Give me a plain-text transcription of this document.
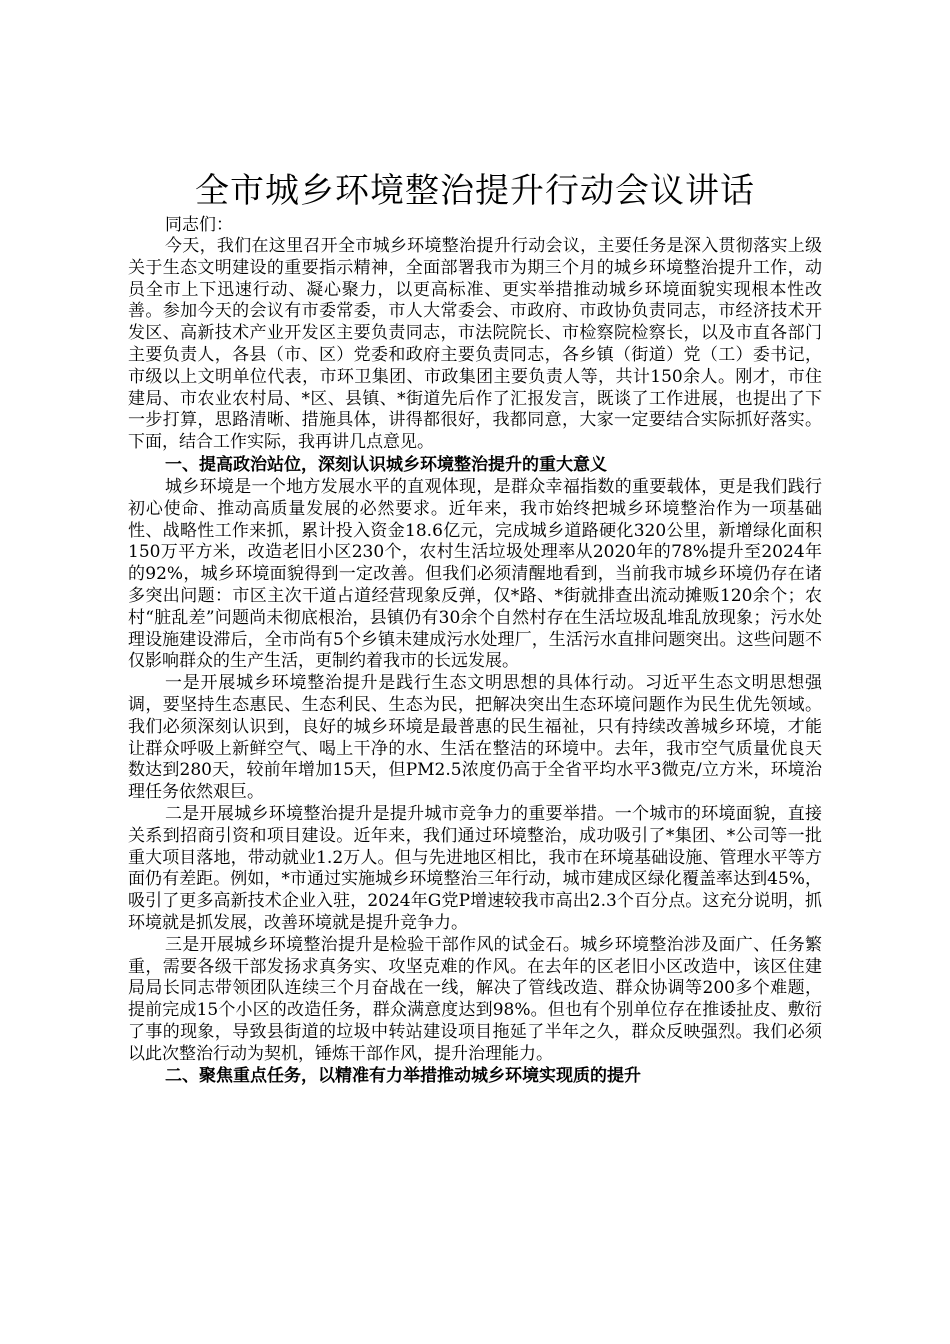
全市城乡环境整治提升行动会议讲话

同志们：

今天，我们在这里召开全市城乡环境整治提升行动会议，主要任务是深入贯彻落实上级关于生态文明建设的重要指示精神，全面部署我市为期三个月的城乡环境整治提升工作，动员全市上下迅速行动、凝心聚力，以更高标准、更实举措推动城乡环境面貌实现根本性改善。参加今天的会议有市委常委，市人大常委会、市政府、市政协负责同志，市经济技术开发区、高新技术产业开发区主要负责同志，市法院院长、市检察院检察长，以及市直各部门主要负责人，各县（市、区）党委和政府主要负责同志，各乡镇（街道）党（工）委书记，市级以上文明单位代表，市环卫集团、市政集团主要负责人等，共计150余人。刚才，市住建局、市农业农村局、*区、县镇、*街道先后作了汇报发言，既谈了工作进展，也提出了下一步打算，思路清晰、措施具体，讲得都很好，我都同意，大家一定要结合实际抓好落实。下面，结合工作实际，我再讲几点意见。

一、提高政治站位，深刻认识城乡环境整治提升的重大意义

城乡环境是一个地方发展水平的直观体现，是群众幸福指数的重要载体，更是我们践行初心使命、推动高质量发展的必然要求。近年来，我市始终把城乡环境整治作为一项基础性、战略性工作来抓，累计投入资金18.6亿元，完成城乡道路硬化320公里，新增绿化面积150万平方米，改造老旧小区230个，农村生活垃圾处理率从2020年的78%提升至2024年的92%，城乡环境面貌得到一定改善。但我们必须清醒地看到，当前我市城乡环境仍存在诸多突出问题：市区主次干道占道经营现象反弹，仅*路、*街就排查出流动摊贩120余个；农村“脏乱差”问题尚未彻底根治，县镇仍有30余个自然村存在生活垃圾乱堆乱放现象；污水处理设施建设滞后，全市尚有5个乡镇未建成污水处理厂，生活污水直排问题突出。这些问题不仅影响群众的生产生活，更制约着我市的长远发展。

一是开展城乡环境整治提升是践行生态文明思想的具体行动。习近平生态文明思想强调，要坚持生态惠民、生态利民、生态为民，把解决突出生态环境问题作为民生优先领域。我们必须深刻认识到，良好的城乡环境是最普惠的民生福祉，只有持续改善城乡环境，才能让群众呼吸上新鲜空气、喝上干净的水、生活在整洁的环境中。去年，我市空气质量优良天数达到280天，较前年增加15天，但PM2.5浓度仍高于全省平均水平3微克/立方米，环境治理任务依然艰巨。

二是开展城乡环境整治提升是提升城市竞争力的重要举措。一个城市的环境面貌，直接关系到招商引资和项目建设。近年来，我们通过环境整治，成功吸引了*集团、*公司等一批重大项目落地，带动就业1.2万人。但与先进地区相比，我市在环境基础设施、管理水平等方面仍有差距。例如，*市通过实施城乡环境整治三年行动，城市建成区绿化覆盖率达到45%，吸引了更多高新技术企业入驻，2024年G党P增速较我市高出2.3个百分点。这充分说明，抓环境就是抓发展，改善环境就是提升竞争力。

三是开展城乡环境整治提升是检验干部作风的试金石。城乡环境整治涉及面广、任务繁重，需要各级干部发扬求真务实、攻坚克难的作风。在去年的区老旧小区改造中，该区住建局局长同志带领团队连续三个月奋战在一线，解决了管线改造、群众协调等200多个难题，提前完成15个小区的改造任务，群众满意度达到98%。但也有个别单位存在推诿扯皮、敷衍了事的现象，导致县街道的垃圾中转站建设项目拖延了半年之久，群众反映强烈。我们必须以此次整治行动为契机，锤炼干部作风，提升治理能力。

二、聚焦重点任务，以精准有力举措推动城乡环境实现质的提升
